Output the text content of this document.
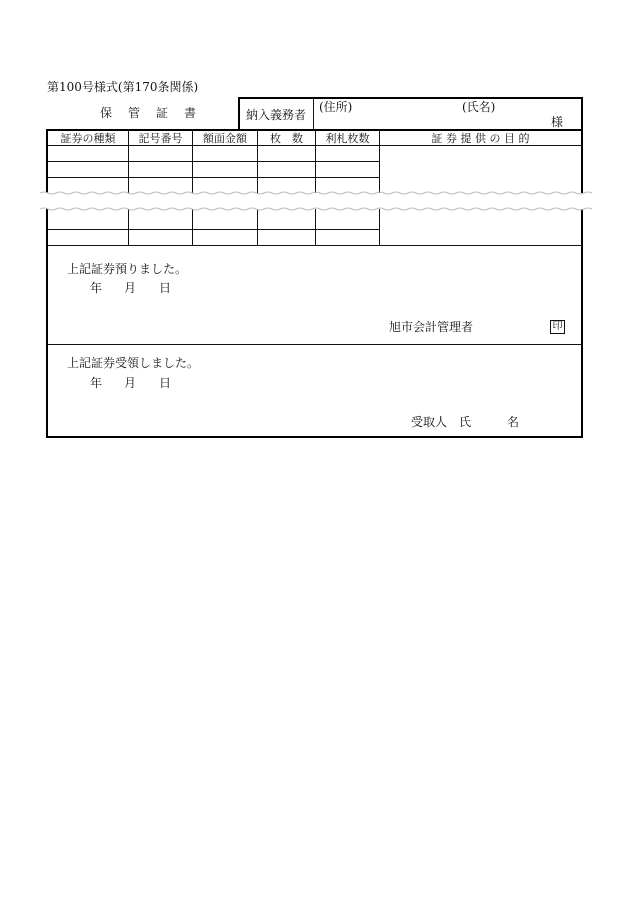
第100号様式(第170条関係)
保　管　証　書	納入義務者
(住所)	(氏名)
様
証券の種類	記号番号	額面金額	枚　数	利札枚数	証 券 提 供 の 目 的
上記証券預りました。
年 月 日
旭市会計管理者	印
上記証券受領しました。
年 月 日
受取人　氏　　　名
